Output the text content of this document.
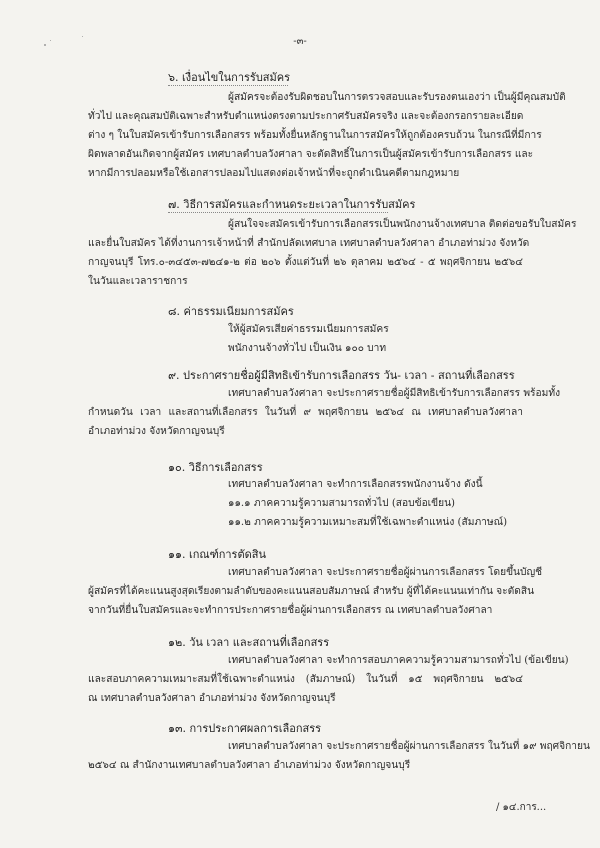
-๓-
๖. เงื่อนไขในการรับสมัคร
ผู้สมัครจะต้องรับผิดชอบในการตรวจสอบและรับรองตนเองว่า เป็นผู้มีคุณสมบัติ
ทั่วไป และคุณสมบัติเฉพาะสำหรับตำแหน่งตรงตามประกาศรับสมัครจริง และจะต้องกรอกรายละเอียด
ต่าง ๆ ในใบสมัครเข้ารับการเลือกสรร พร้อมทั้งยื่นหลักฐานในการสมัครให้ถูกต้องครบถ้วน ในกรณีที่มีการ
ผิดพลาดอันเกิดจากผู้สมัคร เทศบาลตำบลวังศาลา จะตัดสิทธิ์ในการเป็นผู้สมัครเข้ารับการเลือกสรร และ
หากมีการปลอมหรือใช้เอกสารปลอมไปแสดงต่อเจ้าหน้าที่จะถูกดำเนินคดีตามกฎหมาย
๗. วิธีการสมัครและกำหนดระยะเวลาในการรับสมัคร
ผู้สนใจจะสมัครเข้ารับการเลือกสรรเป็นพนักงานจ้างเทศบาล ติดต่อขอรับใบสมัคร
และยื่นใบสมัคร ได้ที่งานการเจ้าหน้าที่ สำนักปลัดเทศบาล เทศบาลตำบลวังศาลา อำเภอท่าม่วง จังหวัด
กาญจนบุรี โทร.๐-๓๔๕๓-๗๒๔๑-๒ ต่อ ๒๐๖ ตั้งแต่วันที่ ๒๖ ตุลาคม ๒๕๖๔ - ๕ พฤศจิกายน ๒๕๖๔
ในวันและเวลาราชการ
๘. ค่าธรรมเนียมการสมัคร
ให้ผู้สมัครเสียค่าธรรมเนียมการสมัคร
พนักงานจ้างทั่วไป เป็นเงิน ๑๐๐ บาท
๙. ประกาศรายชื่อผู้มีสิทธิเข้ารับการเลือกสรร วัน- เวลา - สถานที่เลือกสรร
เทศบาลตำบลวังศาลา จะประกาศรายชื่อผู้มีสิทธิเข้ารับการเลือกสรร พร้อมทั้ง
กำหนดวัน เวลา และสถานที่เลือกสรร ในวันที่ ๙ พฤศจิกายน ๒๕๖๔ ณ เทศบาลตำบลวังศาลา
อำเภอท่าม่วง จังหวัดกาญจนบุรี
๑๐. วิธีการเลือกสรร
เทศบาลตำบลวังศาลา จะทำการเลือกสรรพนักงานจ้าง ดังนี้
๑๑.๑ ภาคความรู้ความสามารถทั่วไป (สอบข้อเขียน)
๑๑.๒ ภาคความรู้ความเหมาะสมที่ใช้เฉพาะตำแหน่ง (สัมภาษณ์)
๑๑. เกณฑ์การตัดสิน
เทศบาลตำบลวังศาลา จะประกาศรายชื่อผู้ผ่านการเลือกสรร โดยขึ้นบัญชี
ผู้สมัครที่ได้คะแนนสูงสุดเรียงตามลำดับของคะแนนสอบสัมภาษณ์ สำหรับ ผู้ที่ได้คะแนนเท่ากัน จะตัดสิน
จากวันที่ยื่นใบสมัครและจะทำการประกาศรายชื่อผู้ผ่านการเลือกสรร ณ เทศบาลตำบลวังศาลา
๑๒. วัน เวลา และสถานที่เลือกสรร
เทศบาลตำบลวังศาลา จะทำการสอบภาคความรู้ความสามารถทั่วไป (ข้อเขียน)
และสอบภาคความเหมาะสมที่ใช้เฉพาะตำแหน่ง (สัมภาษณ์) ในวันที่ ๑๕ พฤศจิกายน ๒๕๖๔
ณ เทศบาลตำบลวังศาลา อำเภอท่าม่วง จังหวัดกาญจนบุรี
๑๓. การประกาศผลการเลือกสรร
เทศบาลตำบลวังศาลา จะประกาศรายชื่อผู้ผ่านการเลือกสรร ในวันที่ ๑๙ พฤศจิกายน
๒๕๖๔ ณ สำนักงานเทศบาลตำบลวังศาลา อำเภอท่าม่วง จังหวัดกาญจนบุรี
/ ๑๔.การ...
